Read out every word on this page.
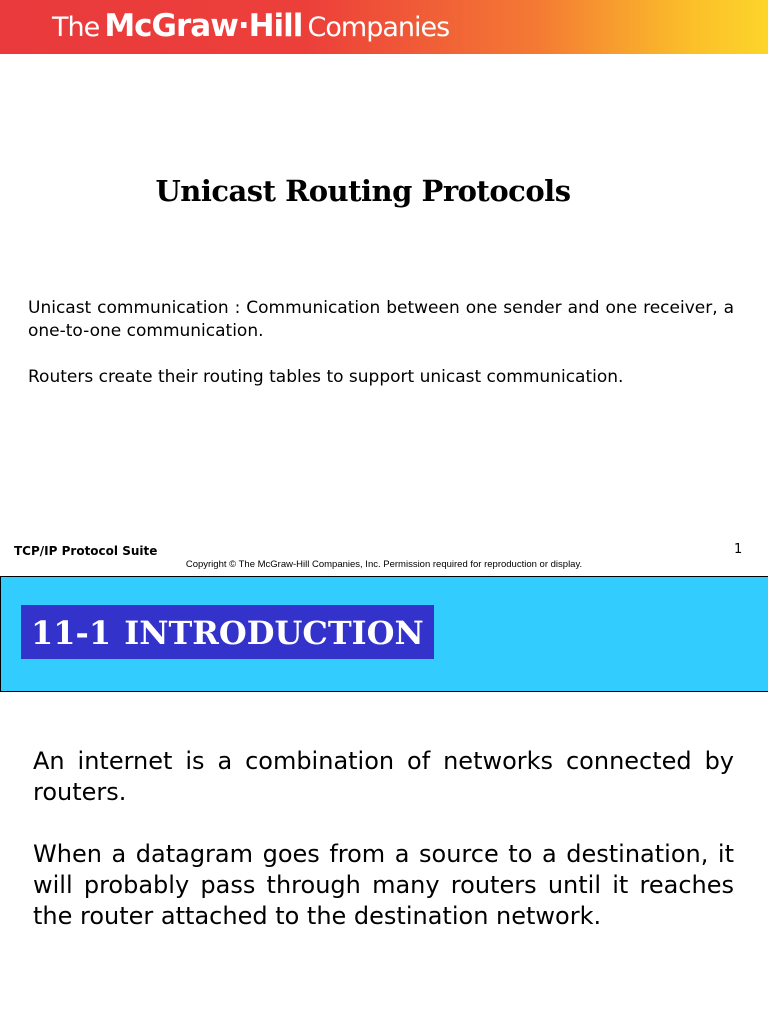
The McGraw·Hill Companies
Unicast Routing Protocols

Unicast communication : Communication between one sender and one receiver, a one-to-one communication.

Routers create their routing tables to support unicast communication.

TCP/IP Protocol Suite	1
Copyright © The McGraw-Hill Companies, Inc. Permission required for reproduction or display.
11-1 INTRODUCTION

An internet is a combination of networks connected by routers.

When a datagram goes from a source to a destination, it will probably pass through many routers until it reaches the router attached to the destination network.
